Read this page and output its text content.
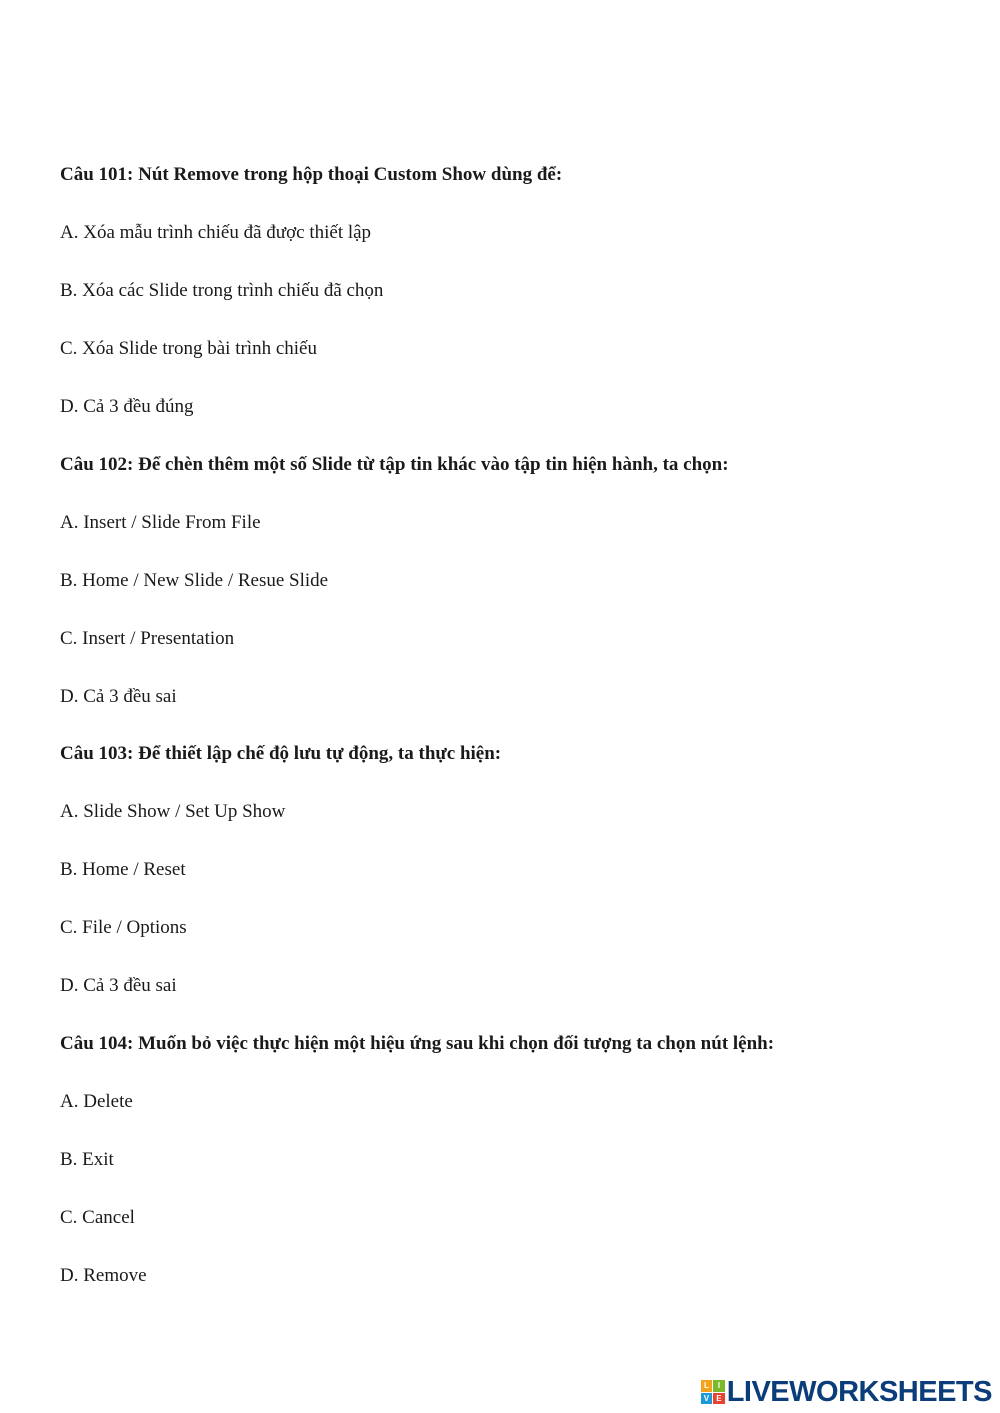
Câu 101: Nút Remove trong hộp thoại Custom Show dùng để:
A. Xóa mẫu trình chiếu đã được thiết lập
B. Xóa các Slide trong trình chiếu đã chọn
C. Xóa Slide trong bài trình chiếu
D. Cả 3 đều đúng
Câu 102: Để chèn thêm một số Slide từ tập tin khác vào tập tin hiện hành, ta chọn:
A. Insert / Slide From File
B. Home / New Slide / Resue Slide
C. Insert / Presentation
D. Cả 3 đều sai
Câu 103: Để thiết lập chế độ lưu tự động, ta thực hiện:
A. Slide Show / Set Up Show
B. Home / Reset
C. File / Options
D. Cả 3 đều sai
Câu 104: Muốn bỏ việc thực hiện một hiệu ứng sau khi chọn đối tượng ta chọn nút lệnh:
A. Delete
B. Exit
C. Cancel
D. Remove
L	I
V E LIVEWORKSHEETS
